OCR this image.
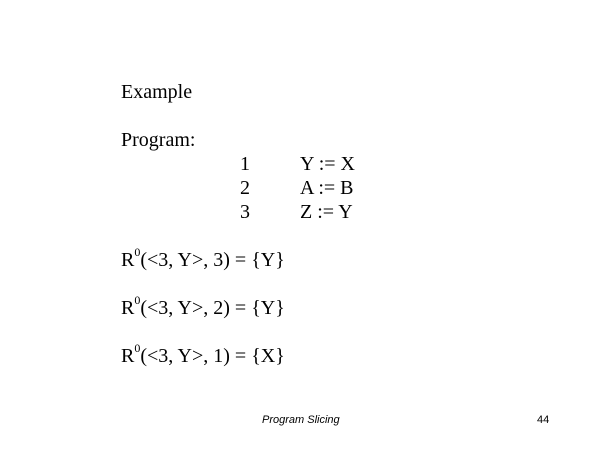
Example
Program:
1	Y := X
2	A := B
3	Z := Y
$R^0(<3$, Y>, 3) = {Y}
$R^0(<3$, Y>, 2) = {Y}
$R^0(<3$, Y>, 1) = {X}
Program Slicing	44
